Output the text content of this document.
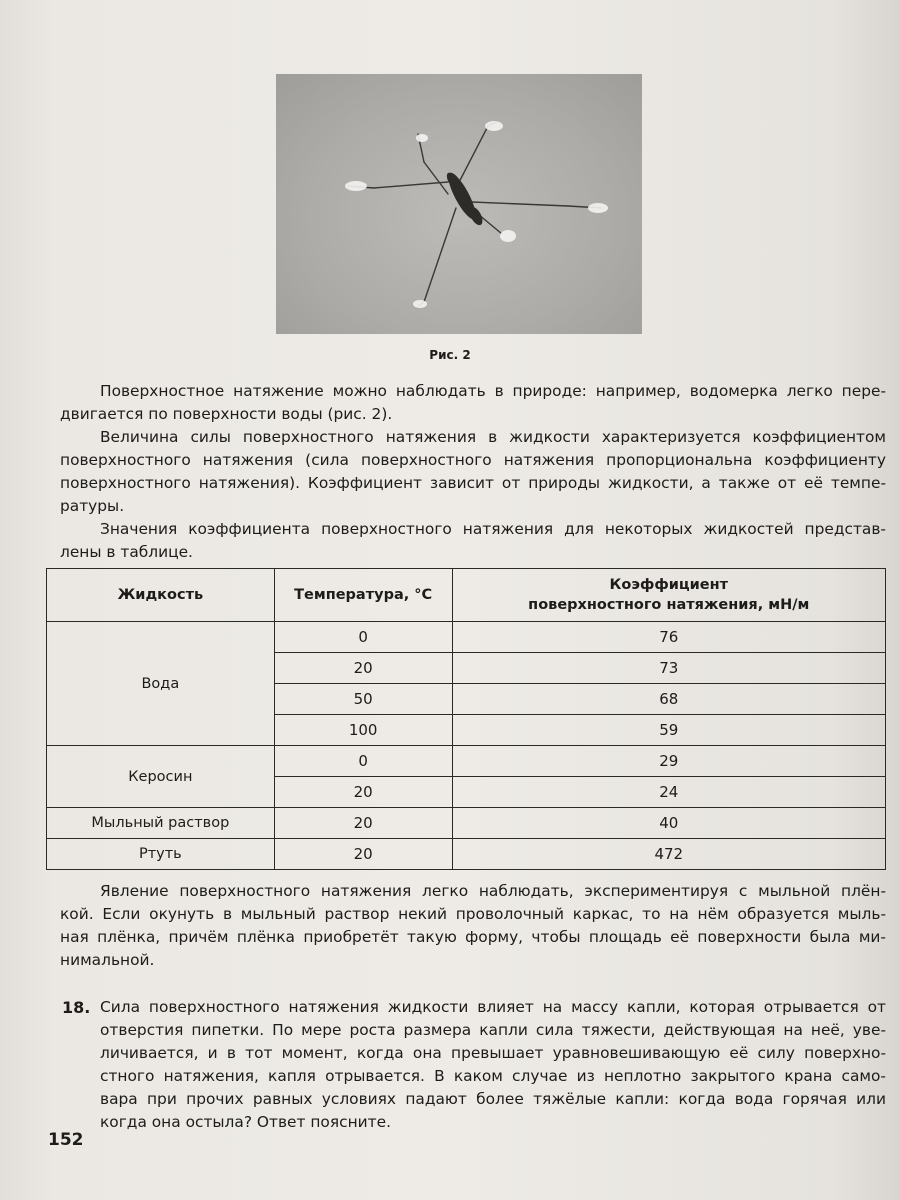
Рис. 2
Поверхностное натяжение можно наблюдать в природе: например, водомерка легко пере-
двигается по поверхности воды (рис. 2).
Величина силы поверхностного натяжения в жидкости характеризуется коэффициентом
поверхностного натяжения (сила поверхностного натяжения пропорциональна коэффициенту
поверхностного натяжения). Коэффициент зависит от природы жидкости, а также от её темпе-
ратуры.
Значения коэффициента поверхностного натяжения для некоторых жидкостей представ-
лены в таблице.
Жидкость	Температура, °С	Коэффициент
поверхностного натяжения, мН/м

Вода	0	76
	20	73
	50	68
	100	59
Керосин	0	29
	20	24
Мыльный раствор	20	40
Ртуть	20	472
Явление поверхностного натяжения легко наблюдать, экспериментируя с мыльной плён-
кой. Если окунуть в мыльный раствор некий проволочный каркас, то на нём образуется мыль-
ная плёнка, причём плёнка приобретёт такую форму, чтобы площадь её поверхности была ми-
нимальной.
18. Сила поверхностного натяжения жидкости влияет на массу капли, которая отрывается от
отверстия пипетки. По мере роста размера капли сила тяжести, действующая на неё, уве-
личивается, и в тот момент, когда она превышает уравновешивающую её силу поверхно-
стного натяжения, капля отрывается. В каком случае из неплотно закрытого крана само-
вара при прочих равных условиях падают более тяжёлые капли: когда вода горячая или
когда она остыла? Ответ поясните.
152
